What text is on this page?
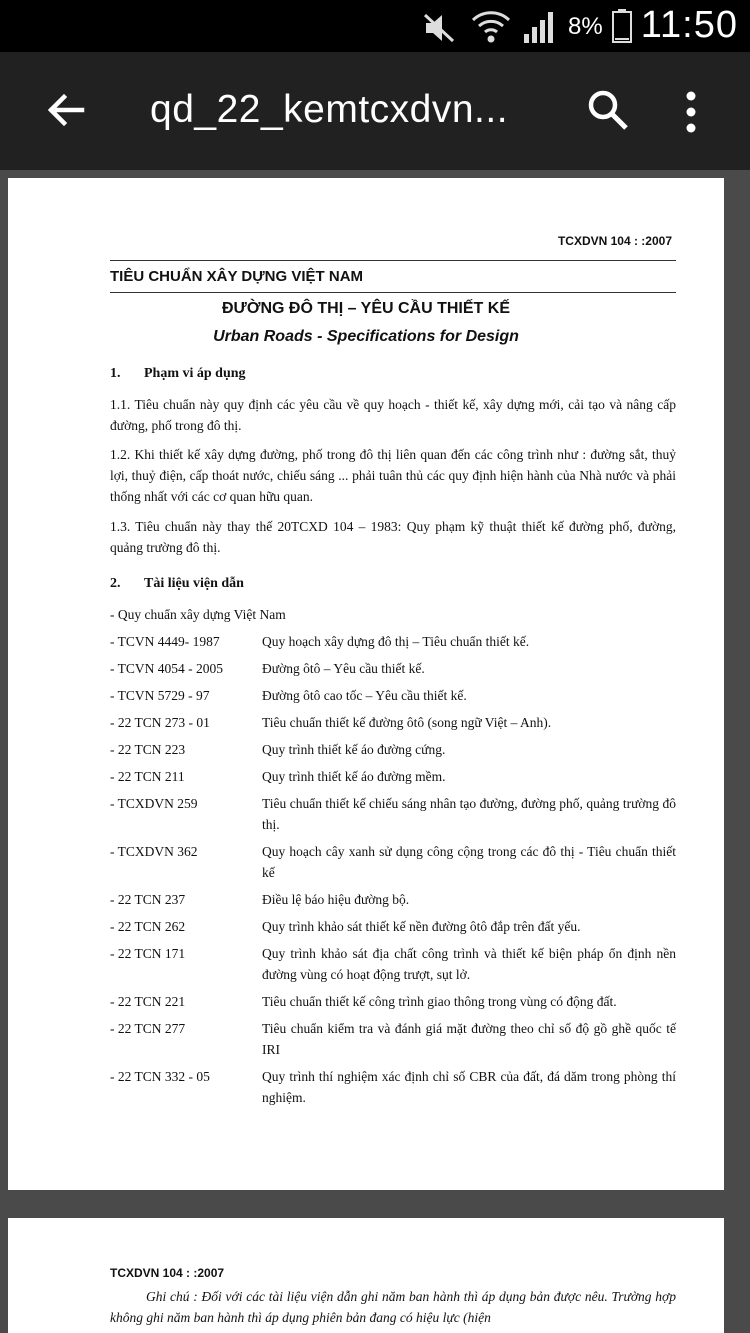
8% 11:50
qd_22_kemtcxdvn...
TCXDVN 104 : :2007
TIÊU CHUẨN XÂY DỰNG VIỆT NAM
ĐƯỜNG ĐÔ THỊ – YÊU CẦU THIẾT KẾ
Urban Roads - Specifications for Design
1. Phạm vi áp dụng
1.1. Tiêu chuẩn này quy định các yêu cầu về quy hoạch - thiết kế, xây dựng mới, cải tạo và nâng cấp đường, phố trong đô thị.
1.2. Khi thiết kế xây dựng đường, phố trong đô thị liên quan đến các công trình như : đường sắt, thuỷ lợi, thuỷ điện, cấp thoát nước, chiếu sáng ... phải tuân thủ các quy định hiện hành của Nhà nước và phải thống nhất với các cơ quan hữu quan.
1.3. Tiêu chuẩn này thay thế 20TCXD 104 – 1983: Quy phạm kỹ thuật thiết kế đường phố, đường, quảng trường đô thị.
2. Tài liệu viện dẫn
- Quy chuẩn xây dựng Việt Nam
- TCVN 4449- 1987	Quy hoạch xây dựng đô thị – Tiêu chuẩn thiết kế.
- TCVN 4054 - 2005	Đường ôtô – Yêu cầu thiết kế.
- TCVN 5729 - 97	Đường ôtô cao tốc – Yêu cầu thiết kế.
- 22 TCN 273 - 01	Tiêu chuẩn thiết kế đường ôtô (song ngữ Việt – Anh).
- 22 TCN 223	Quy trình thiết kế áo đường cứng.
- 22 TCN 211	Quy trình thiết kế áo đường mềm.
- TCXDVN 259	Tiêu chuẩn thiết kế chiếu sáng nhân tạo đường, đường phố, quảng trường đô thị.
- TCXDVN 362	Quy hoạch cây xanh sử dụng công cộng trong các đô thị - Tiêu chuẩn thiết kế
- 22 TCN 237	Điều lệ báo hiệu đường bộ.
- 22 TCN 262	Quy trình khảo sát thiết kế nền đường ôtô đắp trên đất yếu.
- 22 TCN 171	Quy trình khảo sát địa chất công trình và thiết kế biện pháp ổn định nền đường vùng có hoạt động trượt, sụt lở.
- 22 TCN 221	Tiêu chuẩn thiết kế công trình giao thông trong vùng có động đất.
- 22 TCN 277	Tiêu chuẩn kiểm tra và đánh giá mặt đường theo chỉ số độ gồ ghề quốc tế IRI
- 22 TCN 332 - 05	Quy trình thí nghiệm xác định chỉ số CBR của đất, đá dăm trong phòng thí nghiệm.
TCXDVN 104 : :2007
Ghi chú : Đối với các tài liệu viện dẫn ghi năm ban hành thì áp dụng bản được nêu. Trường hợp không ghi năm ban hành thì áp dụng phiên bản đang có hiệu lực (hiện
